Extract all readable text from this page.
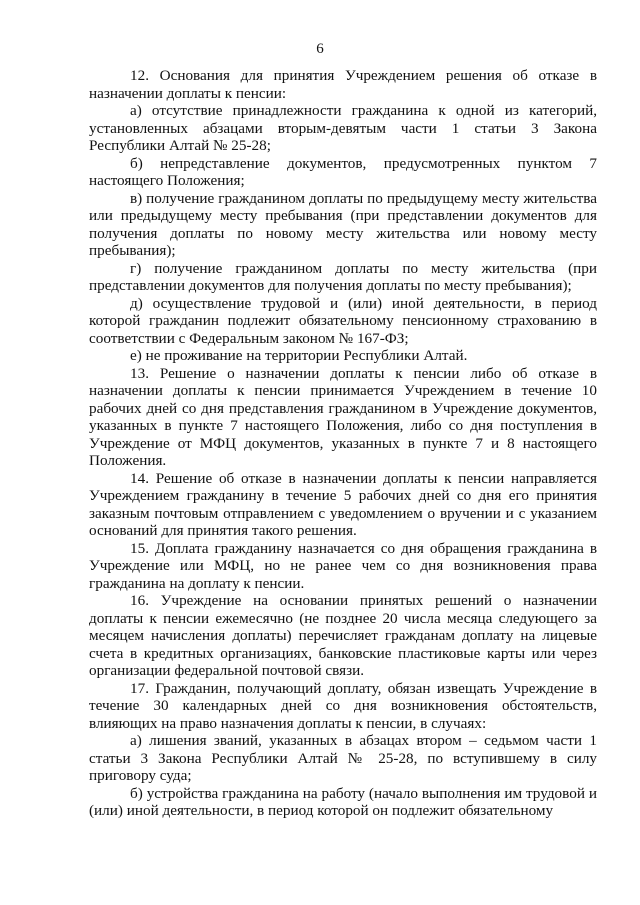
6

12. Основания для принятия Учреждением решения об отказе в назначении доплаты к пенсии:

а) отсутствие принадлежности гражданина к одной из категорий, установленных абзацами вторым-девятым части 1 статьи 3 Закона Республики Алтай № 25-28;

б) непредставление документов, предусмотренных пунктом 7 настоящего Положения;

в) получение гражданином доплаты по предыдущему месту жительства или предыдущему месту пребывания (при представлении документов для получения доплаты по новому месту жительства или новому месту пребывания);

г) получение гражданином доплаты по месту жительства (при представлении документов для получения доплаты по месту пребывания);

д) осуществление трудовой и (или) иной деятельности, в период которой гражданин подлежит обязательному пенсионному страхованию в соответствии с Федеральным законом № 167-ФЗ;

е) не проживание на территории Республики Алтай.

13. Решение о назначении доплаты к пенсии либо об отказе в назначении доплаты к пенсии принимается Учреждением в течение 10 рабочих дней со дня представления гражданином в Учреждение документов, указанных в пункте 7 настоящего Положения, либо со дня поступления в Учреждение от МФЦ документов, указанных в пункте 7 и 8 настоящего Положения.

14. Решение об отказе в назначении доплаты к пенсии направляется Учреждением гражданину в течение 5 рабочих дней со дня его принятия заказным почтовым отправлением с уведомлением о вручении и с указанием оснований для принятия такого решения.

15. Доплата гражданину назначается со дня обращения гражданина в Учреждение или МФЦ, но не ранее чем со дня возникновения права гражданина на доплату к пенсии.

16. Учреждение на основании принятых решений о назначении доплаты к пенсии ежемесячно (не позднее 20 числа месяца следующего за месяцем начисления доплаты) перечисляет гражданам доплату на лицевые счета в кредитных организациях, банковские пластиковые карты или через организации федеральной почтовой связи.

17. Гражданин, получающий доплату, обязан извещать Учреждение в течение 30 календарных дней со дня возникновения обстоятельств, влияющих на право назначения доплаты к пенсии, в случаях:

а) лишения званий, указанных в абзацах втором – седьмом части 1 статьи 3 Закона Республики Алтай № 25-28, по вступившему в силу приговору суда;

б) устройства гражданина на работу (начало выполнения им трудовой и (или) иной деятельности, в период которой он подлежит обязательному
